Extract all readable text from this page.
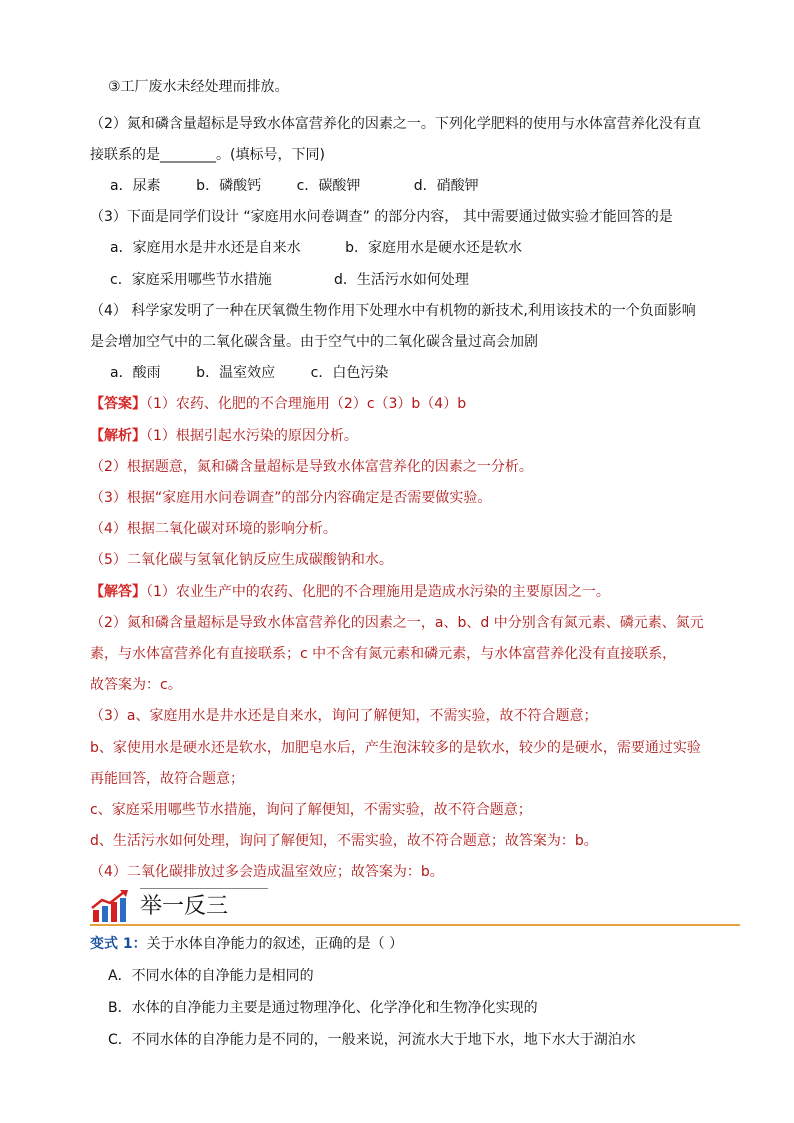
③工厂废水未经处理而排放。
（2）氮和磷含量超标是导致水体富营养化的因素之一。下列化学肥料的使用与水体富营养化没有直
接联系的是________。(填标号，下同)
a．尿素        b．磷酸钙        c．碳酸钾            d．硝酸钾
（3）下面是同学们设计 “家庭用水问卷调查” 的部分内容， 其中需要通过做实验才能回答的是
a．家庭用水是井水还是自来水          b．家庭用水是硬水还是软水
c．家庭采用哪些节水措施              d．生活污水如何处理
（4） 科学家发明了一种在厌氧微生物作用下处理水中有机物的新技术,利用该技术的一个负面影响
是会增加空气中的二氧化碳含量。由于空气中的二氧化碳含量过高会加剧
a．酸雨        b．温室效应        c．白色污染
【答案】（1）农药、化肥的不合理施用（2）c（3）b（4）b
【解析】（1）根据引起水污染的原因分析。
（2）根据题意，氮和磷含量超标是导致水体富营养化的因素之一分析。
（3）根据“家庭用水问卷调查”的部分内容确定是否需要做实验。
（4）根据二氧化碳对环境的影响分析。
（5）二氧化碳与氢氧化钠反应生成碳酸钠和水。
【解答】（1）农业生产中的农药、化肥的不合理施用是造成水污染的主要原因之一。
（2）氮和磷含量超标是导致水体富营养化的因素之一，a、b、d 中分别含有氮元素、磷元素、氮元
素，与水体富营养化有直接联系；c 中不含有氮元素和磷元素，与水体富营养化没有直接联系，
故答案为：c。
（3）a、家庭用水是井水还是自来水，询问了解便知，不需实验，故不符合题意；
b、家使用水是硬水还是软水，加肥皂水后，产生泡沫较多的是软水，较少的是硬水，需要通过实验
再能回答，故符合题意；
c、家庭采用哪些节水措施，询问了解便知，不需实验，故不符合题意；
d、生活污水如何处理，询问了解便知，不需实验，故不符合题意；故答案为：b。
（4）二氧化碳排放过多会造成温室效应；故答案为：b。
举一反三
变式 1：关于水体自净能力的叙述，正确的是（ ）
A．不同水体的自净能力是相同的
B．水体的自净能力主要是通过物理净化、化学净化和生物净化实现的
C．不同水体的自净能力是不同的，一般来说，河流水大于地下水，地下水大于湖泊水
